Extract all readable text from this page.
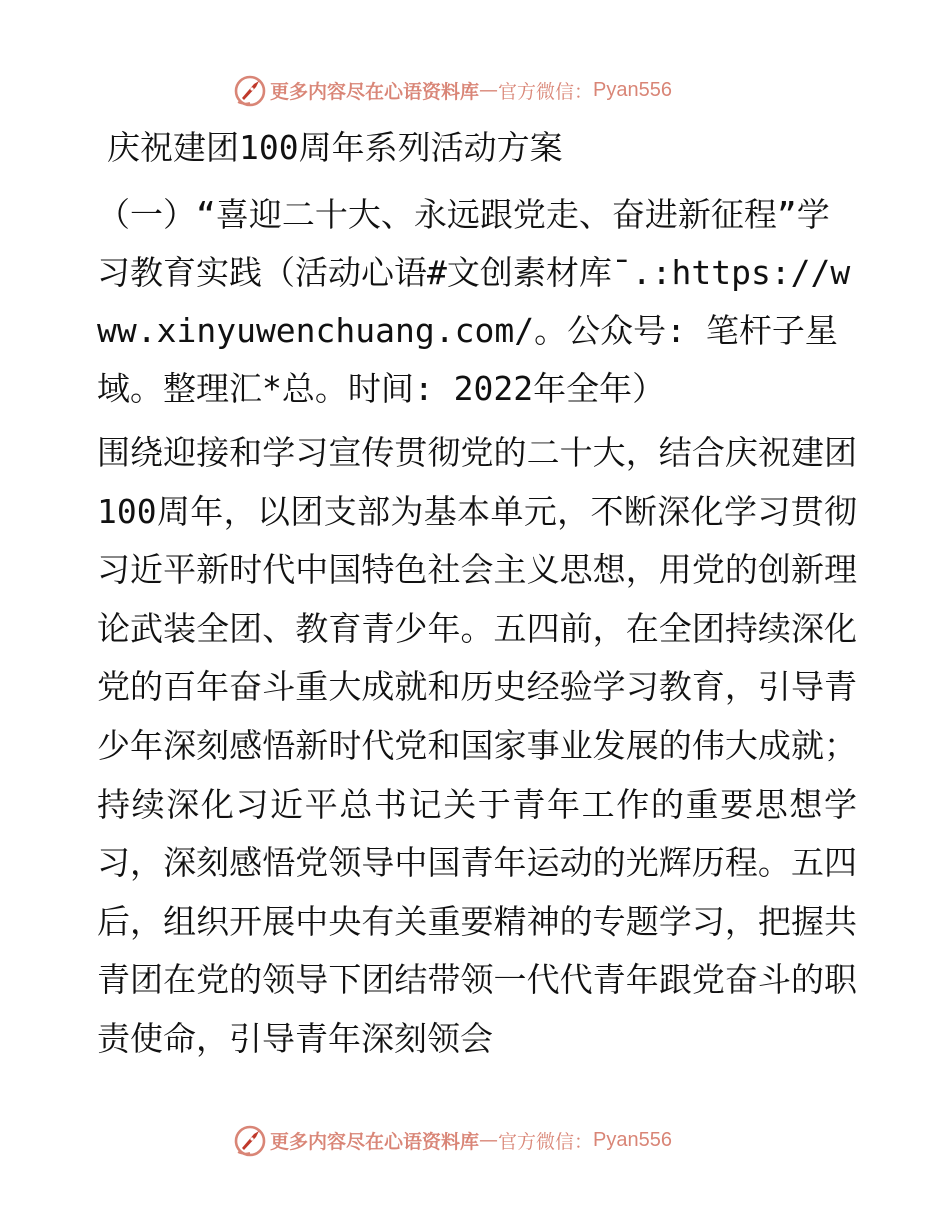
更多内容尽在心语资料库 — 官方微信： Pyan556
庆祝建团100周年系列活动方案

（一）“喜迎二十大、永远跟党走、奋进新征程”学习教育实践（活动心语#文创素材库¯.:https://www.xinyuwenchuang.com/。公众号: 笔杆子星域。整理汇*总。时间: 2022年全年）

围绕迎接和学习宣传贯彻党的二十大，结合庆祝建团100周年，以团支部为基本单元，不断深化学习贯彻习近平新时代中国特色社会主义思想，用党的创新理论武装全团、教育青少年。五四前，在全团持续深化党的百年奋斗重大成就和历史经验学习教育，引导青少年深刻感悟新时代党和国家事业发展的伟大成就；持续深化习近平总书记关于青年工作的重要思想学习，深刻感悟党领导中国青年运动的光辉历程。五四后，组织开展中央有关重要精神的专题学习，把握共青团在党的领导下团结带领一代代青年跟党奋斗的职责使命，引导青年深刻领会

更多内容尽在心语资料库 — 官方微信： Pyan556
